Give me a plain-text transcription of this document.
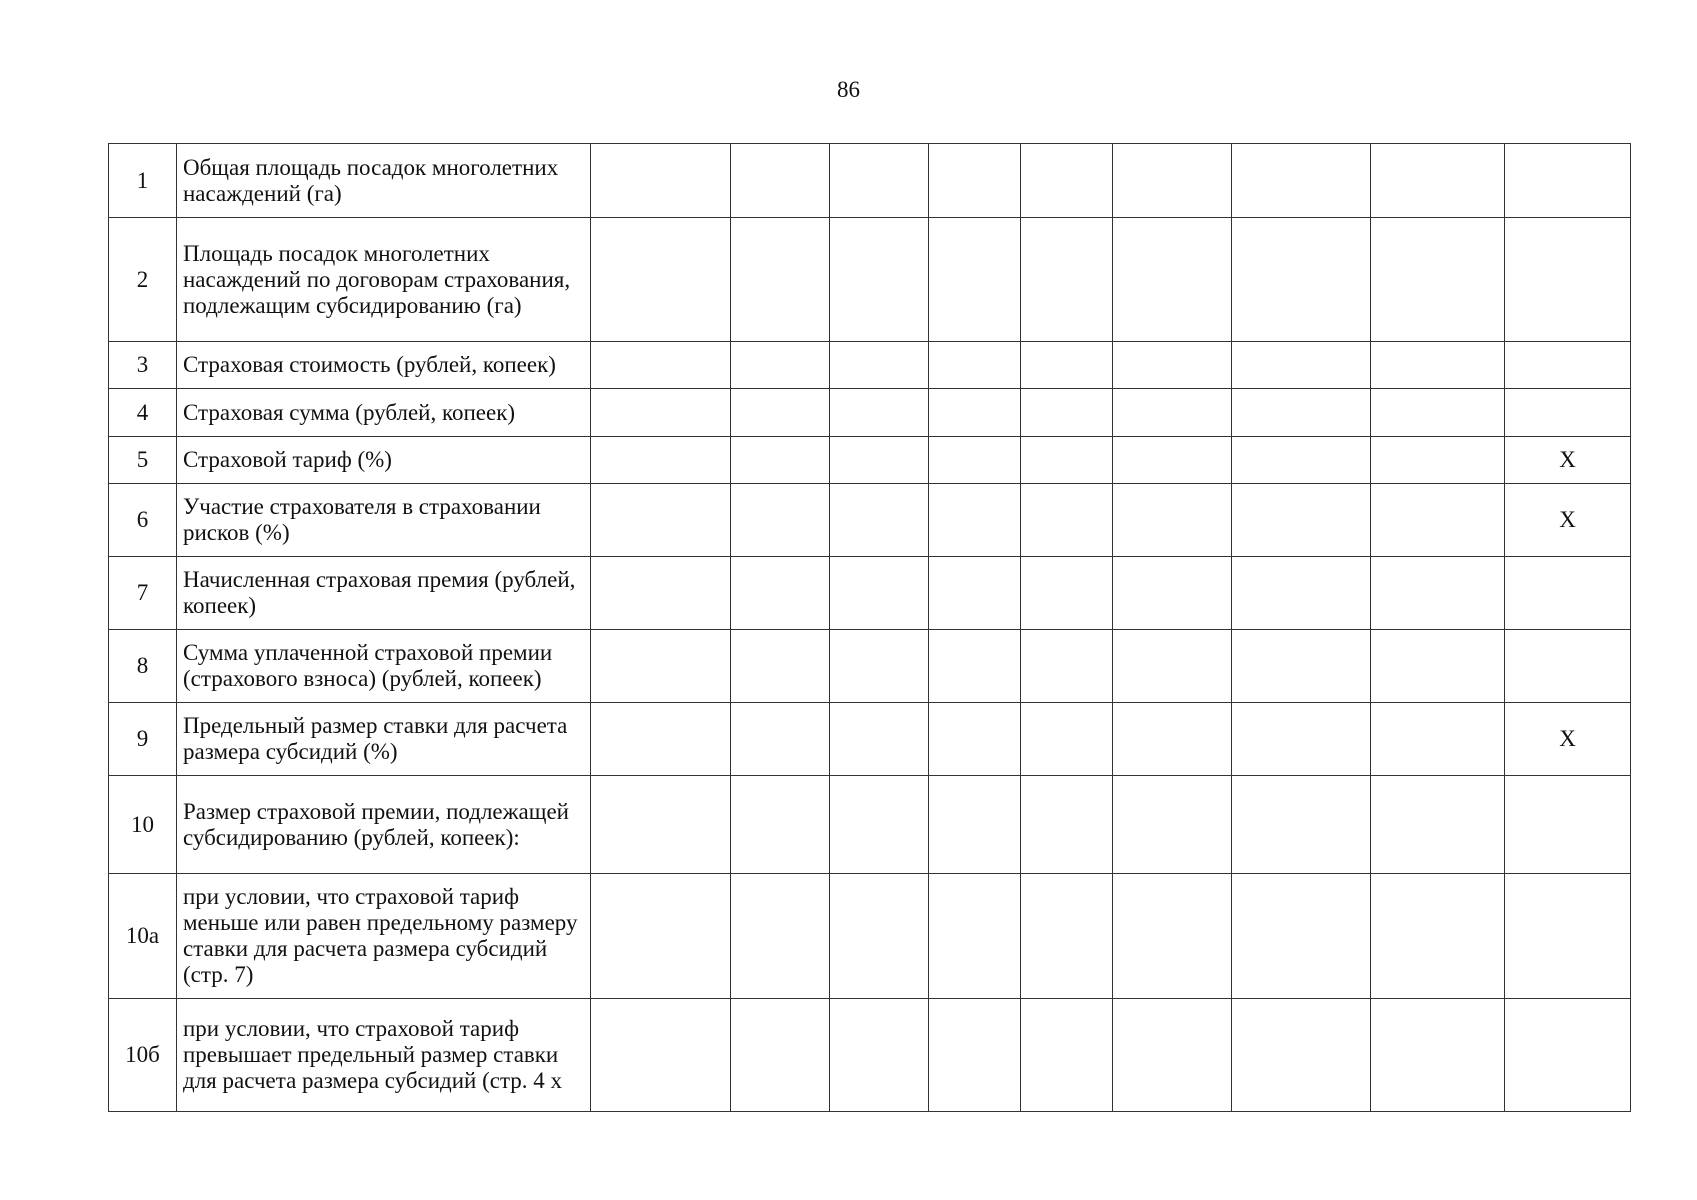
86
1	Общая площадь посадок многолетних насаждений (га)									
2	Площадь посадок многолетних насаждений по договорам страхования, подлежащим субсидированию (га)									
3	Страховая стоимость (рублей, копеек)									
4	Страховая сумма (рублей, копеек)									
5	Страховой тариф (%)									X
6	Участие страхователя в страховании рисков (%)									X
7	Начисленная страховая премия (рублей, копеек)									
8	Сумма уплаченной страховой премии (страхового взноса) (рублей, копеек)									
9	Предельный размер ставки для расчета размера субсидий (%)									X
10	Размер страховой премии, подлежащей субсидированию (рублей, копеек):									
10а	при условии, что страховой тариф меньше или равен предельному размеру ставки для расчета размера субсидий (стр. 7)									
10б	при условии, что страховой тариф превышает предельный размер ставки для расчета размера субсидий (стр. 4 х									
